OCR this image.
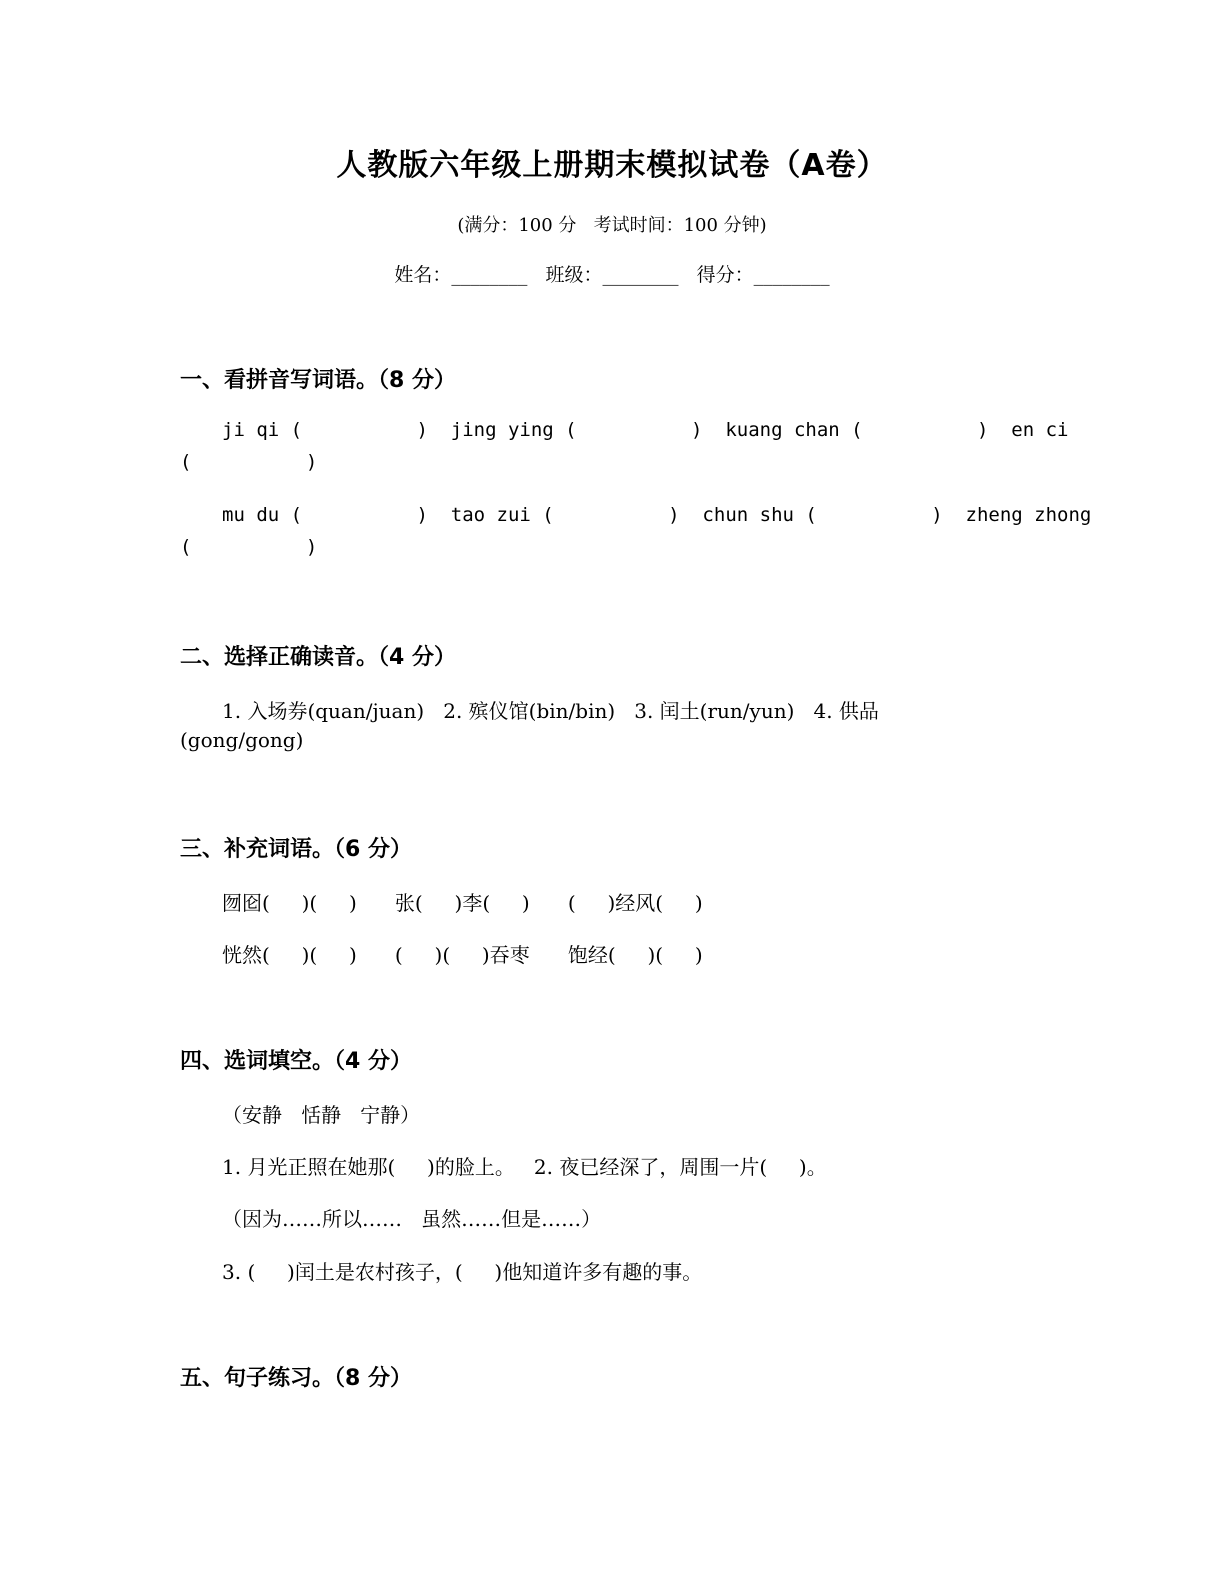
人教版六年级上册期末模拟试卷（A卷）
(满分：100 分   考试时间：100 分钟)
姓名：________   班级：________   得分：________
一、看拼音写词语。（8 分）
ji qi (          )  jing ying (          )  kuang chan (          )  en ci
(          )
mu du (          )  tao zui (          )  chun shu (          )  zheng zhong
(          )
二、选择正确读音。（4 分）
1. 入场券(quan/juan)   2. 殡仪馆(bin/bin)   3. 闰土(run/yun)   4. 供品
(gong/gong)
三、补充词语。（6 分）
囫囵(     )(     )      张(     )李(     )      (     )经风(     )
恍然(     )(     )      (     )(     )吞枣      饱经(     )(     )
四、选词填空。（4 分）
（安静   恬静   宁静）
1. 月光正照在她那(     )的脸上。   2. 夜已经深了，周围一片(     )。
（因为……所以……   虽然……但是……）
3. (     )闰土是农村孩子，(     )他知道许多有趣的事。
五、句子练习。（8 分）
